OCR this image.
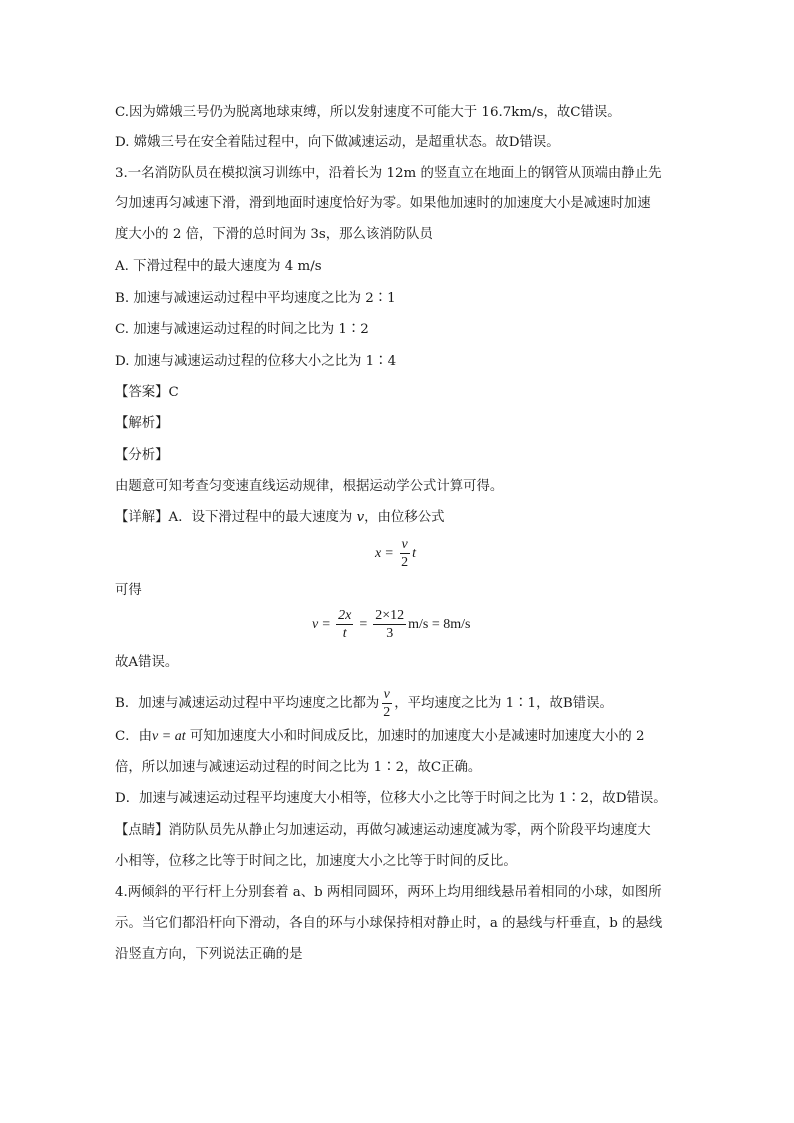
C.因为嫦娥三号仍为脱离地球束缚，所以发射速度不可能大于 16.7km/s，故C错误。
D. 嫦娥三号在安全着陆过程中，向下做减速运动，是超重状态。故D错误。
3.一名消防队员在模拟演习训练中，沿着长为 12m 的竖直立在地面上的钢管从顶端由静止先
匀加速再匀减速下滑，滑到地面时速度恰好为零。如果他加速时的加速度大小是减速时加速
度大小的 2 倍，下滑的总时间为 3s，那么该消防队员
A. 下滑过程中的最大速度为 4 m/s
B. 加速与减速运动过程中平均速度之比为 2∶1
C. 加速与减速运动过程的时间之比为 1∶2
D. 加速与减速运动过程的位移大小之比为 1∶4
【答案】C
【解析】
【分析】
由题意可知考查匀变速直线运动规律，根据运动学公式计算可得。
【详解】A．设下滑过程中的最大速度为 v，由位移公式
$x = \frac{v}{2}$ t
可得
$v = \frac{2x}{t} = \frac{2\times 12}{3} m/s = 8m/s$
故A错误。
B．加速与减速运动过程中平均速度之比都为 $\frac{v}{2}$ ，平均速度之比为 1∶1，故B错误。
C．由v = at 可知加速度大小和时间成反比，加速时的加速度大小是减速时加速度大小的 2
倍，所以加速与减速运动过程的时间之比为 1∶2，故C正确。
D．加速与减速运动过程平均速度大小相等，位移大小之比等于时间之比为 1∶2，故D错误。
【点睛】消防队员先从静止匀加速运动，再做匀减速运动速度减为零，两个阶段平均速度大
小相等，位移之比等于时间之比，加速度大小之比等于时间的反比。
4.两倾斜的平行杆上分别套着 a、b 两相同圆环，两环上均用细线悬吊着相同的小球，如图所
示。当它们都沿杆向下滑动，各自的环与小球保持相对静止时，a 的悬线与杆垂直，b 的悬线
沿竖直方向，下列说法正确的是
